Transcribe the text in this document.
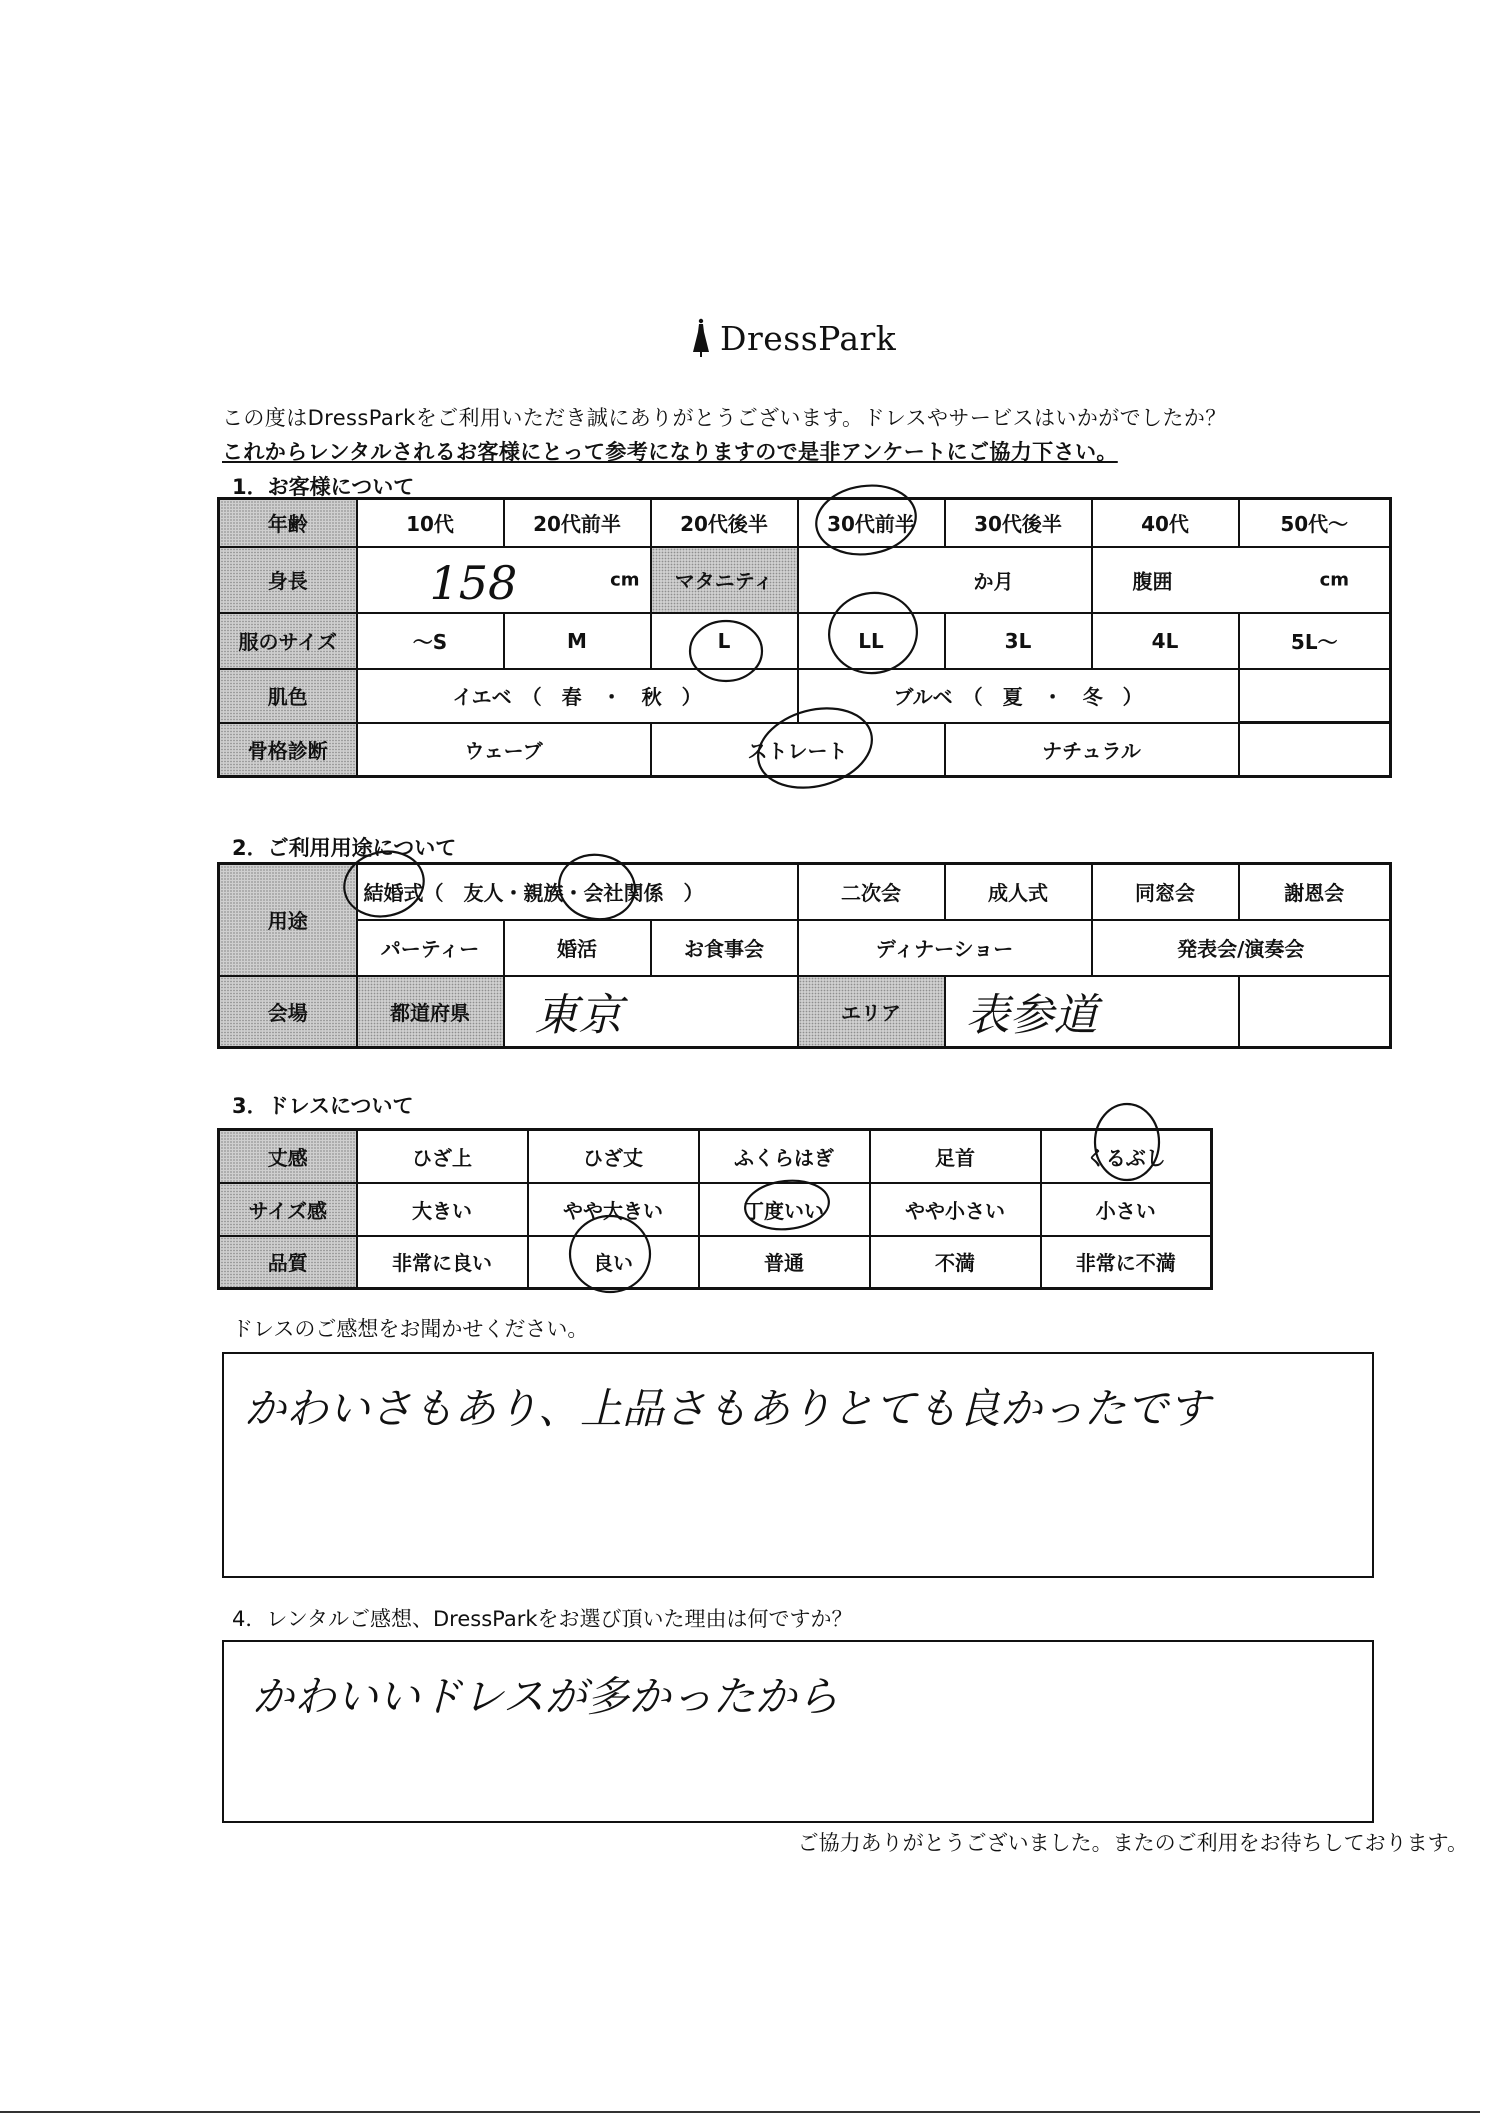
DressPark
この度はDressParkをご利用いただき誠にありがとうございます。ドレスやサービスはいかがでしたか？
これからレンタルされるお客様にとって参考になりますので是非アンケートにご協力下さい。
1．お客様について
年齢	10代	20代前半	20代後半	30代前半	30代後半	40代	50代～
身長	158 cm		マタニティ	か月		腹囲 cm	

服のサイズ	～S	M	L	LL	3L	4L	5L～
肌色	イエベ　（　春　・　秋　）			ブルベ　（　夏　・　冬　）			
骨格診断	ウェーブ		ストレート		ナチュラル		
2．ご利用用途について
用途	結婚式（　友人・親族・会社関係　）			二次会	成人式	同窓会	謝恩会
	パーティー	婚活	お食事会	ディナーショー		発表会/演奏会	
会場	都道府県	東京		エリア	表参道		
3．ドレスについて
丈感	ひざ上	ひざ丈	ふくらはぎ	足首	くるぶし
サイズ感	大きい	やや大きい	丁度いい	やや小さい	小さい
品質	非常に良い	良い	普通	不満	非常に不満
ドレスのご感想をお聞かせください。
かわいさもあり、上品さもありとても良かったです
4．レンタルご感想、DressParkをお選び頂いた理由は何ですか？
かわいいドレスが多かったから
ご協力ありがとうございました。またのご利用をお待ちしております。
